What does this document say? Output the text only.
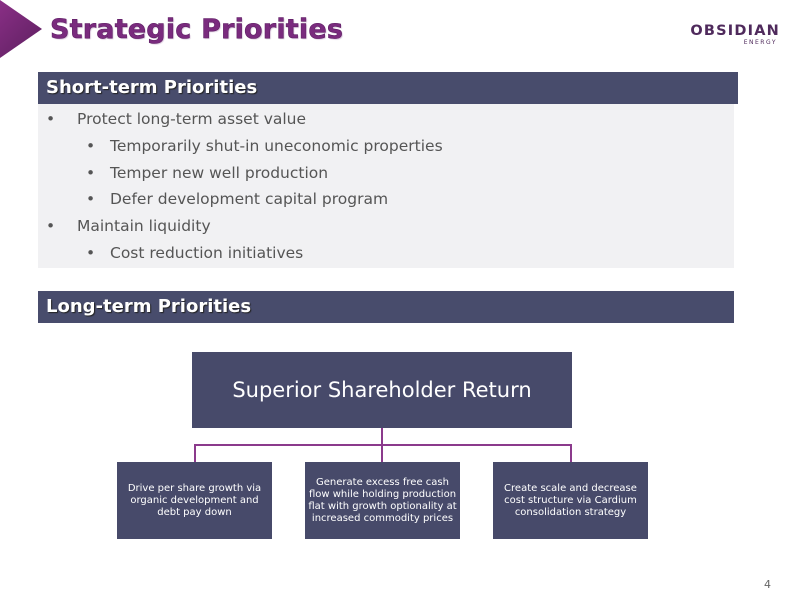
Strategic Priorities	OBSIDIAN
ENERGY
Short-term Priorities
• Protect long-term asset value
• Temporarily shut-in uneconomic properties
• Temper new well production
• Defer development capital program
• Maintain liquidity
• Cost reduction initiatives
Long-term Priorities
Superior Shareholder Return
Drive per share growth via organic development and debt pay down
Generate excess free cash flow while holding production flat with growth optionality at increased commodity prices
Create scale and decrease cost structure via Cardium consolidation strategy
4
